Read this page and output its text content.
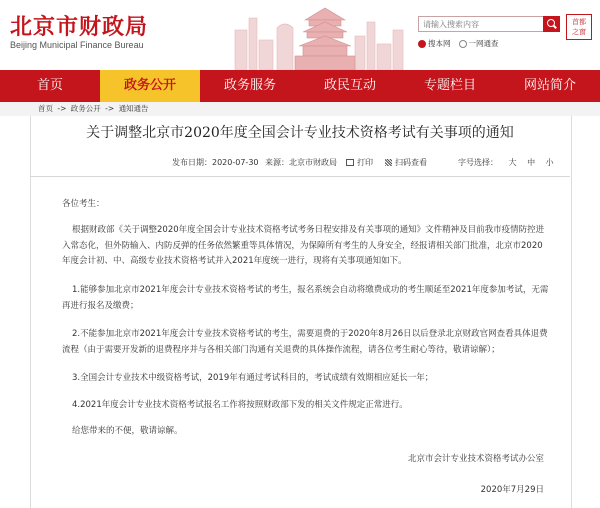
北京市财政局
Beijing Municipal Finance Bureau
请输入搜索内容
搜本网	一网通查
首都
之窗
首页	政务公开	政务服务	政民互动	专题栏目	网站简介
首页 -> 政务公开 -> 通知通告
关于调整北京市2020年度全国会计专业技术资格考试有关事项的通知
发布日期：2020-07-30 来源：北京市财政局	打印	扫码查看	字号选择： 大 中 小
各位考生：
根据财政部《关于调整2020年度全国会计专业技术资格考试考务日程安排及有关事项的通知》文件精神及目前我市疫情防控进入常态化，但外防输入、内防反弹的任务依然繁重等具体情况，为保障所有考生的人身安全，经报请相关部门批准，北京市2020年度会计初、中、高级专业技术资格考试并入2021年度统一进行，现将有关事项通知如下。
1.能够参加北京市2021年度会计专业技术资格考试的考生，报名系统会自动将缴费成功的考生顺延至2021年度参加考试，无需再进行报名及缴费；
2.不能参加北京市2021年度会计专业技术资格考试的考生，需要退费的于2020年8月26日以后登录北京财政官网查看具体退费流程（由于需要开发新的退费程序并与各相关部门沟通有关退费的具体操作流程，请各位考生耐心等待，敬请谅解）；
3.全国会计专业技术中级资格考试，2019年有通过考试科目的，考试成绩有效期相应延长一年；
4.2021年度会计专业技术资格考试报名工作将按照财政部下发的相关文件规定正常进行。
给您带来的不便，敬请谅解。
北京市会计专业技术资格考试办公室
2020年7月29日
